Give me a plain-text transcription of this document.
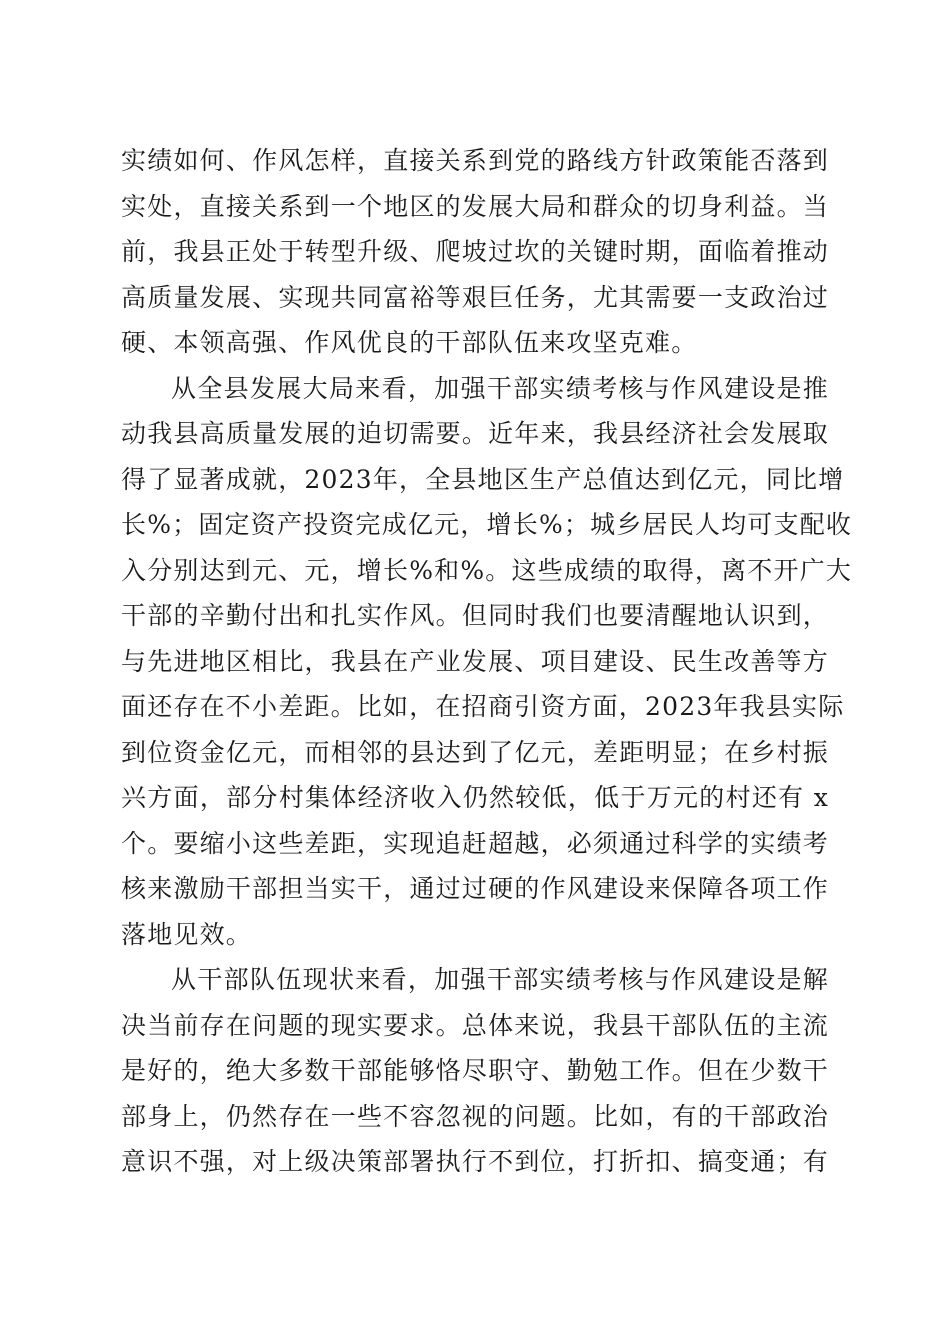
实绩如何、作风怎样，直接关系到党的路线方针政策能否落到
实处，直接关系到一个地区的发展大局和群众的切身利益。当
前，我县正处于转型升级、爬坡过坎的关键时期，面临着推动
高质量发展、实现共同富裕等艰巨任务，尤其需要一支政治过
硬、本领高强、作风优良的干部队伍来攻坚克难。
从全县发展大局来看，加强干部实绩考核与作风建设是推
动我县高质量发展的迫切需要。近年来，我县经济社会发展取
得了显著成就，2023年，全县地区生产总值达到亿元，同比增
长%；固定资产投资完成亿元，增长%；城乡居民人均可支配收
入分别达到元、元，增长%和%。这些成绩的取得，离不开广大
干部的辛勤付出和扎实作风。但同时我们也要清醒地认识到，
与先进地区相比，我县在产业发展、项目建设、民生改善等方
面还存在不小差距。比如，在招商引资方面，2023年我县实际
到位资金亿元，而相邻的县达到了亿元，差距明显；在乡村振
兴方面，部分村集体经济收入仍然较低，低于万元的村还有 x
个。要缩小这些差距，实现追赶超越，必须通过科学的实绩考
核来激励干部担当实干，通过过硬的作风建设来保障各项工作
落地见效。
从干部队伍现状来看，加强干部实绩考核与作风建设是解
决当前存在问题的现实要求。总体来说，我县干部队伍的主流
是好的，绝大多数干部能够恪尽职守、勤勉工作。但在少数干
部身上，仍然存在一些不容忽视的问题。比如，有的干部政治
意识不强，对上级决策部署执行不到位，打折扣、搞变通；有
